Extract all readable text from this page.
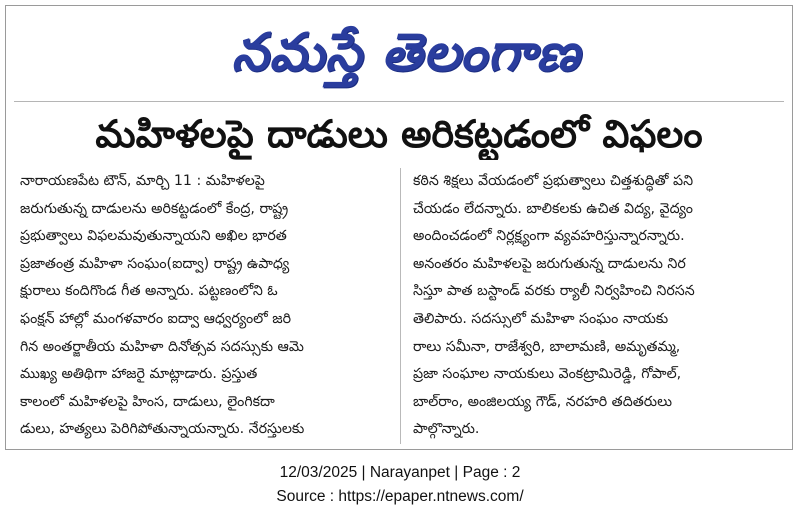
నమస్తే తెలంగాణ
మహిళలపై దాడులు అరికట్టడంలో విఫలం
నారాయణపేట టౌన్, మార్చి 11 : మహిళలపై
జరుగుతున్న దాడులను అరికట్టడంలో కేంద్ర, రాష్ట్ర
ప్రభుత్వాలు విఫలమవుతున్నాయని అఖిల భారత
ప్రజాతంత్ర మహిళా సంఘం(ఐద్వా) రాష్ట్ర ఉపాధ్య
క్షురాలు కందిగొండ గీత అన్నారు. పట్టణంలోని ఓ
ఫంక్షన్ హాల్లో మంగళవారం ఐద్వా ఆధ్వర్యంలో జరి
గిన అంతర్జాతీయ మహిళా దినోత్సవ సదస్సుకు ఆమె
ముఖ్య అతిథిగా హాజరై మాట్లాడారు. ప్రస్తుత
కాలంలో మహిళలపై హింస, దాడులు, లైంగికదా
డులు, హత్యలు పెరిగిపోతున్నాయన్నారు. నేరస్తులకు
కఠిన శిక్షలు వేయడంలో ప్రభుత్వాలు చిత్తశుద్ధితో పని
చేయడం లేదన్నారు. బాలికలకు ఉచిత విద్య, వైద్యం
అందించడంలో నిర్లక్ష్యంగా వ్యవహరిస్తున్నారన్నారు.
అనంతరం మహిళలపై జరుగుతున్న దాడులను నిర
సిస్తూ పాత బస్టాండ్ వరకు ర్యాలీ నిర్వహించి నిరసన
తెలిపారు. సదస్సులో మహిళా సంఘం నాయకు
రాలు సమీనా, రాజేశ్వరి, బాలామణి, అమృతమ్మ,
ప్రజా సంఘాల నాయకులు వెంకట్రామిరెడ్డి, గోపాల్,
బాల్‌రాం, అంజిలయ్య గౌడ్, నరహరి తదితరులు
పాల్గొన్నారు.
12/03/2025 | Narayanpet | Page : 2
Source : https://epaper.ntnews.com/
